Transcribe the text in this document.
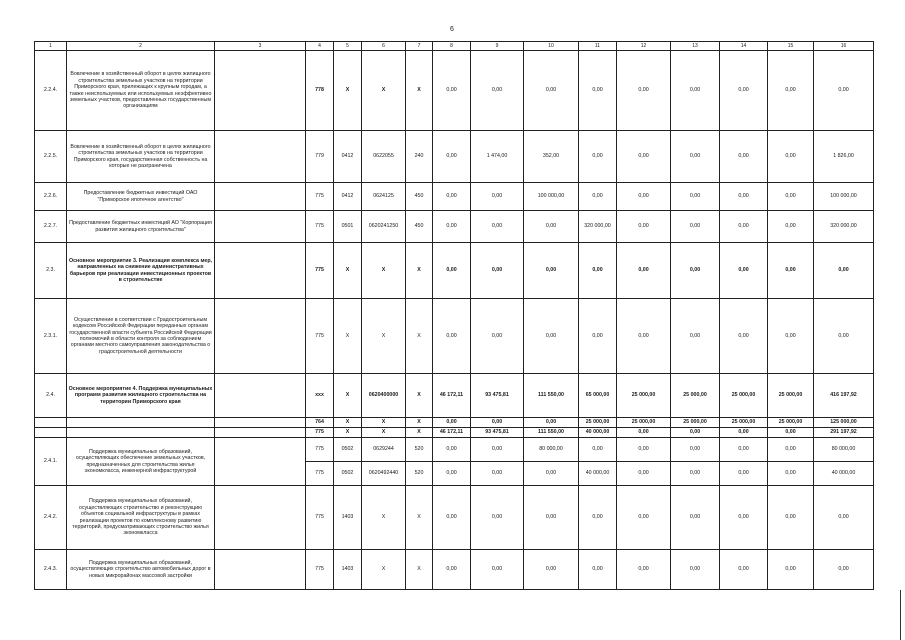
6
1	2	3	4	5	6	7	8	9	10	11	12	13	14	15	16
2.2.4.	Вовлечение в хозяйственный оборот в целях жилищного строительства земельных участков на территории Приморского края, прилежащих к крупным городам, а также неиспользуемых или используемых неэффективно земельных участков, предоставленных государственным организациям		778	Х	Х	Х	0,00	0,00	0,00	0,00	0,00	0,00	0,00	0,00	0,00
2.2.5.	Вовлечение в хозяйственный оборот в целях жилищного строительства земельных участков на территории Приморского края, государственная собственность на которые не разграничена		779	0412	0622055	240	0,00	1 474,00	352,00	0,00	0,00	0,00	0,00	0,00	1 826,00
2.2.6.	Предоставление бюджетных инвестиций ОАО "Приморское ипотечное агентство"		775	0412	0624125	450	0,00	0,00	100 000,00	0,00	0,00	0,00	0,00	0,00	100 000,00
2.2.7.	Предоставление бюджетных инвестиций АО "Корпорация развития жилищного строительства"		775	0501	0620241250	450	0,00	0,00	0,00	320 000,00	0,00	0,00	0,00	0,00	320 000,00
2.3.	Основное мероприятие 3. Реализация комплекса мер, направленных на снижение административных барьеров при реализации инвестиционных проектов в строительстве		775	Х	Х	Х	0,00	0,00	0,00	0,00	0,00	0,00	0,00	0,00	0,00
2.3.1.	Осуществление в соответствии с Градостроительным кодексом Российской Федерации переданных органам государственной власти субъекта Российской Федерации полномочий в области контроля за соблюдением органами местного самоуправления законодательства о градостроительной деятельности		775	Х	Х	Х	0,00	0,00	0,00	0,00	0,00	0,00	0,00	0,00	0,00
2.4.	Основное мероприятие 4. Поддержка муниципальных программ развития жилищного строительства на территории Приморского края		ххх	Х	0620400000	Х	46 172,11	93 475,81	111 550,00	65 000,00	25 000,00	25 000,00	25 000,00	25 000,00	416 197,92
			764	Х	Х	Х	0,00	0,00	0,00	25 000,00	25 000,00	25 000,00	25 000,00	25 000,00	125 000,00
			775	Х	Х	Х	46 172,11	93 475,81	111 550,00	40 000,00	0,00	0,00	0,00	0,00	291 197,92
2.4.1.	Поддержка муниципальных образований, осуществляющих обеспечение земельных участков, предназначенных для строительства жилья экономкласса, инженерной инфраструктурой		775	0502	0629244	520	0,00	0,00	80 000,00	0,00	0,00	0,00	0,00	0,00	80 000,00
			775	0502	0620492440	520	0,00	0,00	0,00	40 000,00	0,00	0,00	0,00	0,00	40 000,00
2.4.2.	Поддержка муниципальных образований, осуществляющих строительство и реконструкцию объектов социальной инфраструктуры в рамках реализации проектов по комплексному развитию территорий, предусматривающих строительство жилья экономкласса		775	1403	Х	Х	0,00	0,00	0,00	0,00	0,00	0,00	0,00	0,00	0,00
2.4.3.	Поддержка муниципальных образований, осуществляющих строительство автомобильных дорог в новых микрорайонах массовой застройки		775	1403	Х	Х	0,00	0,00	0,00	0,00	0,00	0,00	0,00	0,00	0,00
